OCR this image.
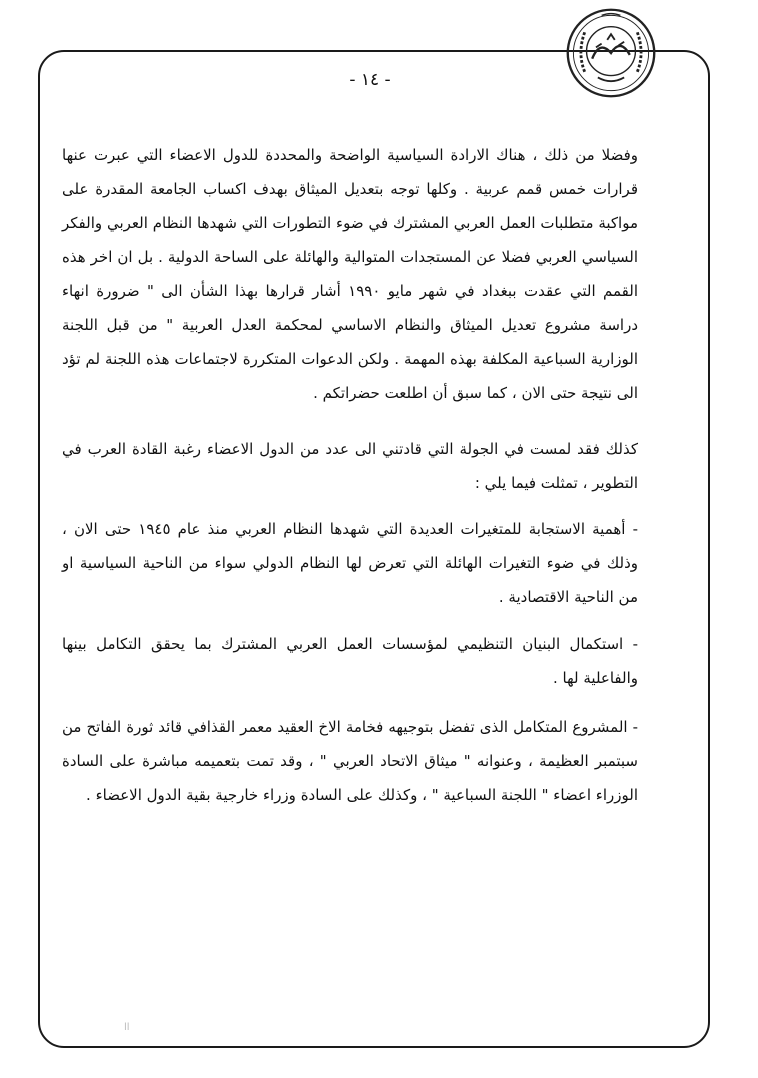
- ١٤ -
وفضلا من ذلك ، هناك الارادة السياسية الواضحة والمحددة للدول الاعضاء التي عبرت عنها قرارات خمس قمم عربية . وكلها توجه بتعديل الميثاق بهدف اكساب الجامعة المقدرة على مواكبة متطلبات العمل العربي المشترك في ضوء التطورات التي شهدها النظام العربي والفكر السياسي العربي فضلا عن المستجدات المتوالية والهائلة على الساحة الدولية . بل ان اخر هذه القمم التي عقدت ببغداد في شهر مايو ١٩٩٠ أشار قرارها بهذا الشأن الى " ضرورة انهاء دراسة مشروع تعديل الميثاق والنظام الاساسي لمحكمة العدل العربية " من قبل اللجنة الوزارية السباعية المكلفة بهذه المهمة . ولكن الدعوات المتكررة لاجتماعات هذه اللجنة لم تؤد الى نتيجة حتى الان ، كما سبق أن اطلعت حضراتكم .
كذلك فقد لمست في الجولة التي قادتني الى عدد من الدول الاعضاء رغبة القادة العرب في التطوير ، تمثلت فيما يلي :
- أهمية الاستجابة للمتغيرات العديدة التي شهدها النظام العربي منذ عام ١٩٤٥ حتى الان ، وذلك في ضوء التغيرات الهائلة التي تعرض لها النظام الدولي سواء من الناحية السياسية او من الناحية الاقتصادية .
- استكمال البنيان التنظيمي لمؤسسات العمل العربي المشترك بما يحقق التكامل بينها والفاعلية لها .
- المشروع المتكامل الذى تفضل بتوجيهه فخامة الاخ العقيد معمر القذافي قائد ثورة الفاتح من سبتمبر العظيمة ، وعنوانه " ميثاق الاتحاد العربي " ، وقد تمت بتعميمه مباشرة على السادة الوزراء اعضاء " اللجنة السباعية " ، وكذلك على السادة وزراء خارجية بقية الدول الاعضاء .
ll
